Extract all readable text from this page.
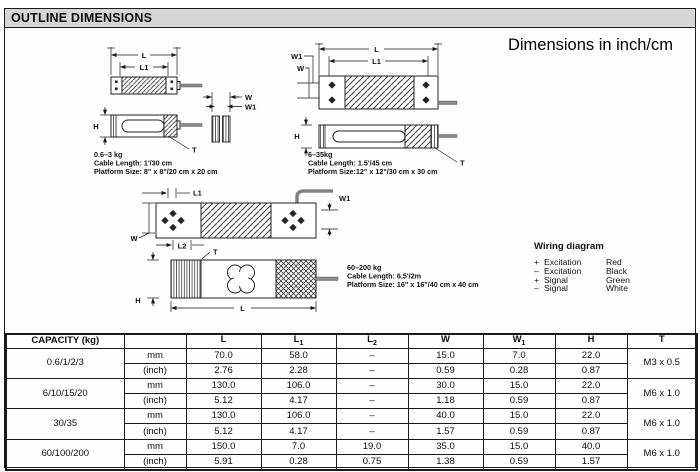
OUTLINE DIMENSIONS
Dimensions in inch/cm
L
L1
H
T
W
W1
0.6–3 kg
Cable Length: 1'/30 cm
Platform Size: 8" x 8"/20 cm x 20 cm
L
L1
W1
W
H
T
6–35kg
Cable Length: 1.5'/45 cm
Platform Size:12" x 12"/30 cm x 30 cm
L1
W1
W
L2
T
H
L
60–200 kg
Cable Length: 6.5'/2m
Platform Size: 16" x 16"/40 cm x 40 cm
Wiring diagram
+ Excitation	Red
– Excitation	Black
+ Signal	Green
– Signal	White
CAPACITY (kg)		L	$L_1$	$L_2$	W	$W_1$	H	T
0.6/1/2/3	mm	70.0	58.0	–	15.0	7.0	22.0	M3 x 0.5
	(inch)	2.76	2.28	–	0.59	0.28	0.87	
6/10/15/20	mm	130.0	106.0	–	30.0	15.0	22.0	M6 x 1.0
	(inch)	5.12	4.17	–	1.18	0.59	0.87	
30/35	mm	130.0	106.0	–	40.0	15.0	22.0	M6 x 1.0
	(inch)	5.12	4.17	–	1.57	0.59	0.87	
60/100/200	mm	150.0	7.0	19.0	35.0	15.0	40.0	M6 x 1.0
	(inch)	5.91	0.28	0.75	1.38	0.59	1.57	
